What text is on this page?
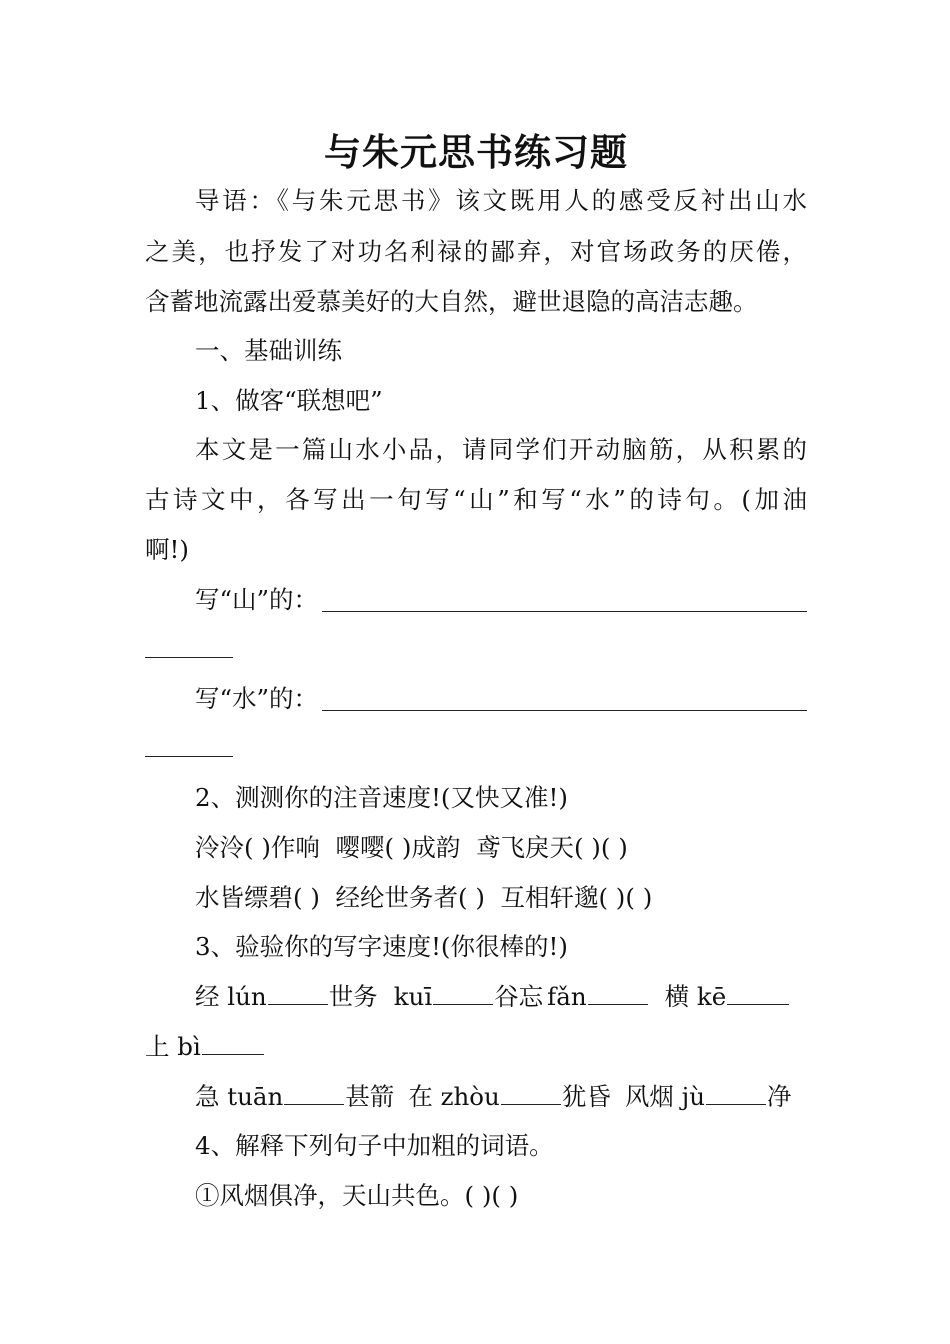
与朱元思书练习题
导语：《与朱元思书》该文既用人的感受反衬出山水
之美，也抒发了对功名利禄的鄙弃，对官场政务的厌倦，
含蓄地流露出爱慕美好的大自然，避世退隐的高洁志趣。
一、基础训练
1、做客“联想吧”
本文是一篇山水小品，请同学们开动脑筋，从积累的
古诗文中，各写出一句写“山”和写“水”的诗句。(加油
啊!)
写“山”的：
写“水”的：
2、测测你的注音速度!(又快又准!)
泠泠( )作响  嘤嘤( )成韵  鸢飞戾天( )( )
水皆缥碧( )  经纶世务者( )  互相轩邈( )( )
3、验验你的写字速度!(你很棒的!)
经 lún	世务 kuī	谷忘 fǎn	横 kē
上 bì
急 tuān	甚箭 在 zhòu	犹昏 风烟 jù	净
4、解释下列句子中加粗的词语。
①风烟俱净，天山共色。( )( )
